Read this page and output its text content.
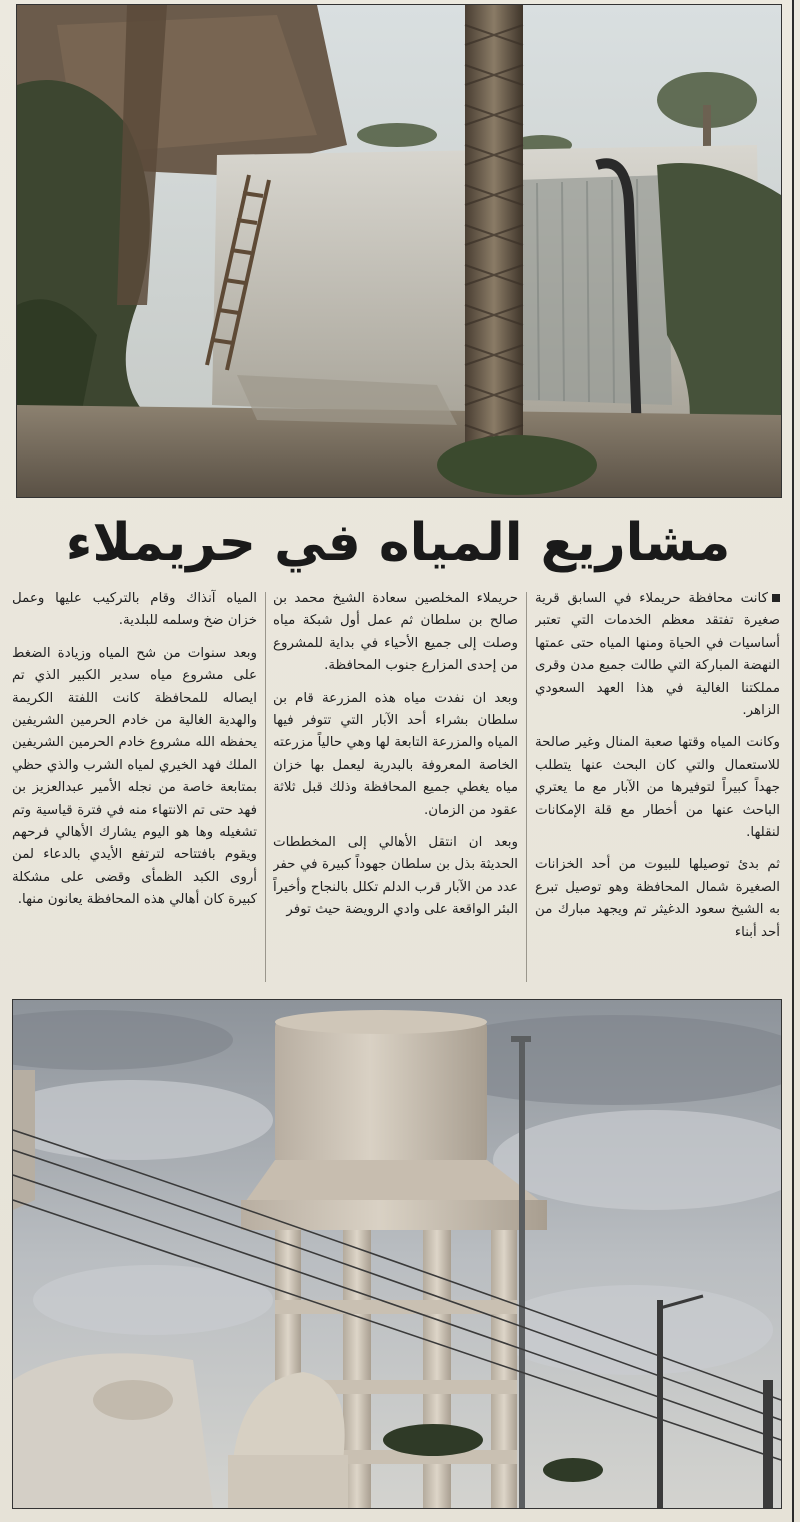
مشاريع المياه في حريملاء

كانت محافظة حريملاء في السابق قرية صغيرة تفتقد معظم الخدمات التي تعتبر أساسيات في الحياة ومنها المياه حتى عمتها النهضة المباركة التي طالت جميع مدن وقرى مملكتنا الغالية في هذا العهد السعودي الزاهر.

وكانت المياه وقتها صعبة المنال وغير صالحة للاستعمال والتي كان البحث عنها يتطلب جهداً كبيراً لتوفيرها من الآبار مع ما يعتري الباحث عنها من أخطار مع قلة الإمكانات لنقلها.

ثم بدئ توصيلها للبيوت من أحد الخزانات الصغيرة شمال المحافظة وهو توصيل تبرع به الشيخ سعود الدغيثر تم ويجهد مبارك من أحد أبناء

حريملاء المخلصين سعادة الشيخ محمد بن صالح بن سلطان ثم عمل أول شبكة مياه وصلت إلى جميع الأحياء في بداية للمشروع من إحدى المزارع جنوب المحافظة.

وبعد ان نفدت مياه هذه المزرعة قام بن سلطان بشراء أحد الآبار التي تتوفر فيها المياه والمزرعة التابعة لها وهي حالياً مزرعته الخاصة المعروفة بالبدرية ليعمل بها خزان مياه يغطي جميع المحافظة وذلك قبل ثلاثة عقود من الزمان.

وبعد ان انتقل الأهالي إلى المخططات الحديثة بذل بن سلطان جهوداً كبيرة في حفر عدد من الآبار قرب الدلم تكلل بالنجاح وأخيراً البئر الواقعة على وادي الرويضة حيث توفر

المياه آنذاك وقام بالتركيب عليها وعمل خزان ضخ وسلمه للبلدية.

وبعد سنوات من شح المياه وزيادة الضغط على مشروع مياه سدير الكبير الذي تم ايصاله للمحافظة كانت اللفتة الكريمة والهدية الغالية من خادم الحرمين الشريفين يحفظه الله مشروع خادم الحرمين الشريفين الملك فهد الخيري لمياه الشرب والذي حظي بمتابعة خاصة من نجله الأمير عبدالعزيز بن فهد حتى تم الانتهاء منه في فترة قياسية وتم تشغيله وها هو اليوم يشارك الأهالي فرحهم ويقوم بافتتاحه لترتفع الأيدي بالدعاء لمن أروى الكبد الظمأى وقضى على مشكلة كبيرة كان أهالي هذه المحافظة يعانون منها.
